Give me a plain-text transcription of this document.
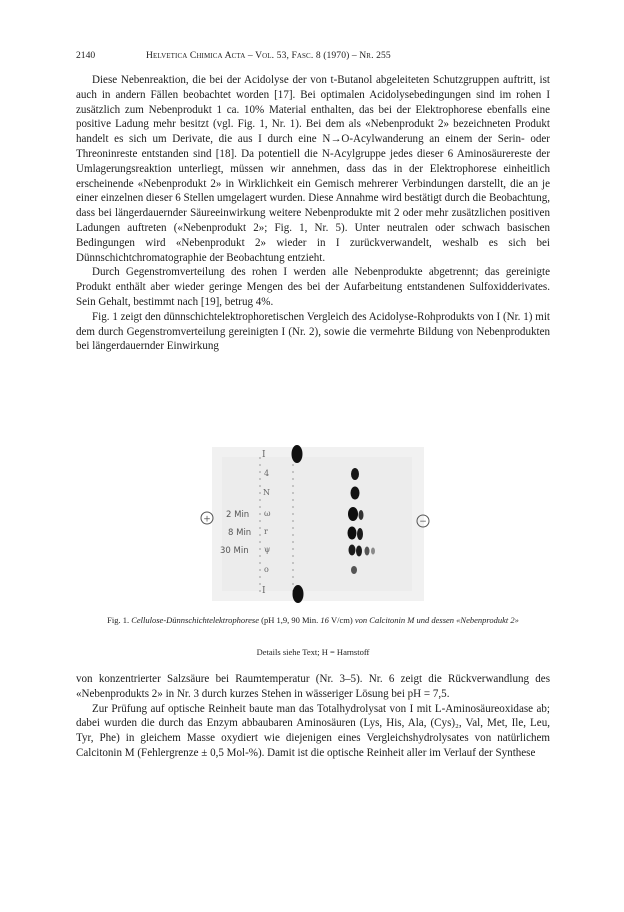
2140	Helvetica Chimica Acta – Vol. 53, Fasc. 8 (1970) – Nr. 255

Diese Nebenreaktion, die bei der Acidolyse der von t-Butanol abgeleiteten Schutzgruppen auftritt, ist auch in andern Fällen beobachtet worden [17]. Bei optimalen Acidolysebedingungen sind im rohen I zusätzlich zum Nebenprodukt 1 ca. 10% Material enthalten, das bei der Elektrophorese ebenfalls eine positive Ladung mehr besitzt (vgl. Fig. 1, Nr. 1). Bei dem als «Nebenprodukt 2» bezeichneten Produkt handelt es sich um Derivate, die aus I durch eine N→O-Acylwanderung an einem der Serin- oder Threoninreste entstanden sind [18]. Da potentiell die N-Acylgruppe jedes dieser 6 Aminosäurereste der Umlagerungsreaktion unterliegt, müssen wir annehmen, dass das in der Elektrophorese einheitlich erscheinende «Nebenprodukt 2» in Wirklichkeit ein Gemisch mehrerer Verbindungen darstellt, die an je einer einzelnen dieser 6 Stellen umgelagert wurden. Diese Annahme wird bestätigt durch die Beobachtung, dass bei längerdauernder Säureeinwirkung weitere Nebenprodukte mit 2 oder mehr zusätzlichen positiven Ladungen auftreten («Nebenprodukt 2»; Fig. 1, Nr. 5). Unter neutralen oder schwach basischen Bedingungen wird «Nebenprodukt 2» wieder in I zurückverwandelt, weshalb es sich bei Dünnschichtchromatographie der Beobachtung entzieht.

Durch Gegenstromverteilung des rohen I werden alle Nebenprodukte abgetrennt; das gereinigte Produkt enthält aber wieder geringe Mengen des bei der Aufarbeitung entstandenen Sulfoxidderivates. Sein Gehalt, bestimmt nach [19], betrug 4%.

Fig. 1 zeigt den dünnschichtelektrophoretischen Vergleich des Acidolyse-Rohprodukts von I (Nr. 1) mit dem durch Gegenstromverteilung gereinigten I (Nr. 2), sowie die vermehrte Bildung von Nebenprodukten bei längerdauernder Einwirkung

I
4
N
ω
r
ψ
o
I
2 Min
8 Min
30 Min
+	−
Fig. 1. Cellulose-Dünnschichtelektrophorese (pH 1,9, 90 Min. 16 V/cm) von Calcitonin M und dessen «Nebenprodukt 2»
Details siehe Text; H = Harnstoff

von konzentrierter Salzsäure bei Raumtemperatur (Nr. 3–5). Nr. 6 zeigt die Rückverwandlung des «Nebenprodukts 2» in Nr. 3 durch kurzes Stehen in wässeriger Lösung bei pH = 7,5.

Zur Prüfung auf optische Reinheit baute man das Totalhydrolysat von I mit L-Aminosäureoxidase ab; dabei wurden die durch das Enzym abbaubaren Aminosäuren (Lys, His, Ala, (Cys)₂, Val, Met, Ile, Leu, Tyr, Phe) in gleichem Masse oxydiert wie diejenigen eines Vergleichshydrolysates von natürlichem Calcitonin M (Fehlergrenze ± 0,5 Mol-%). Damit ist die optische Reinheit aller im Verlauf der Synthese
